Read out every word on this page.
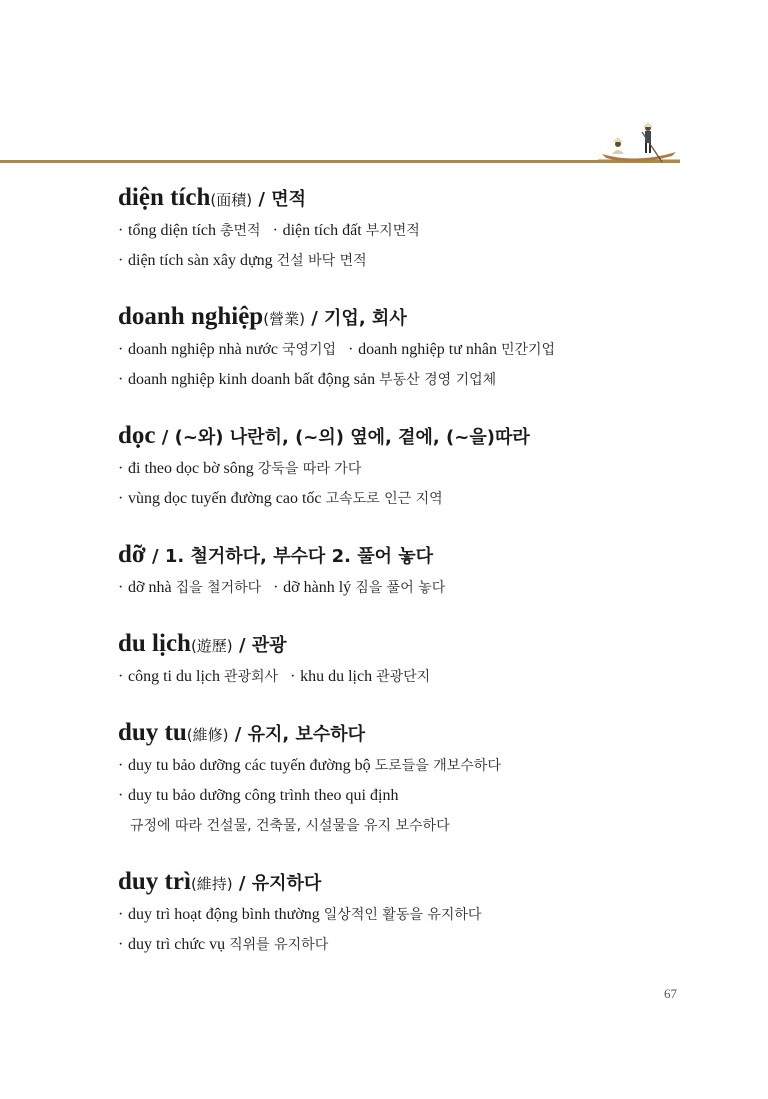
diện tích(面積) / 면적
· tổng diện tích 총면적 · diện tích đất 부지면적
· diện tích sàn xây dựng 건설 바닥 면적
doanh nghiệp(營業) / 기업, 회사
· doanh nghiệp nhà nước 국영기업 · doanh nghiệp tư nhân 민간기업
· doanh nghiệp kinh doanh bất động sản 부동산 경영 기업체
dọc / (~와) 나란히, (~의) 옆에, 곁에, (~을)따라
· đi theo dọc bờ sông 강둑을 따라 가다
· vùng dọc tuyến đường cao tốc 고속도로 인근 지역
dỡ / 1. 철거하다, 부수다 2. 풀어 놓다
· dỡ nhà 집을 철거하다 · dỡ hành lý 짐을 풀어 놓다
du lịch(遊歷) / 관광
· công ti du lịch 관광회사 · khu du lịch 관광단지
duy tu(維修) / 유지, 보수하다
· duy tu bảo dưỡng các tuyến đường bộ 도로들을 개보수하다
· duy tu bảo dưỡng công trình theo qui định
규정에 따라 건설물, 건축물, 시설물을 유지 보수하다
duy trì(維持) / 유지하다
· duy trì hoạt động bình thường 일상적인 활동을 유지하다
· duy trì chức vụ 직위를 유지하다
67
